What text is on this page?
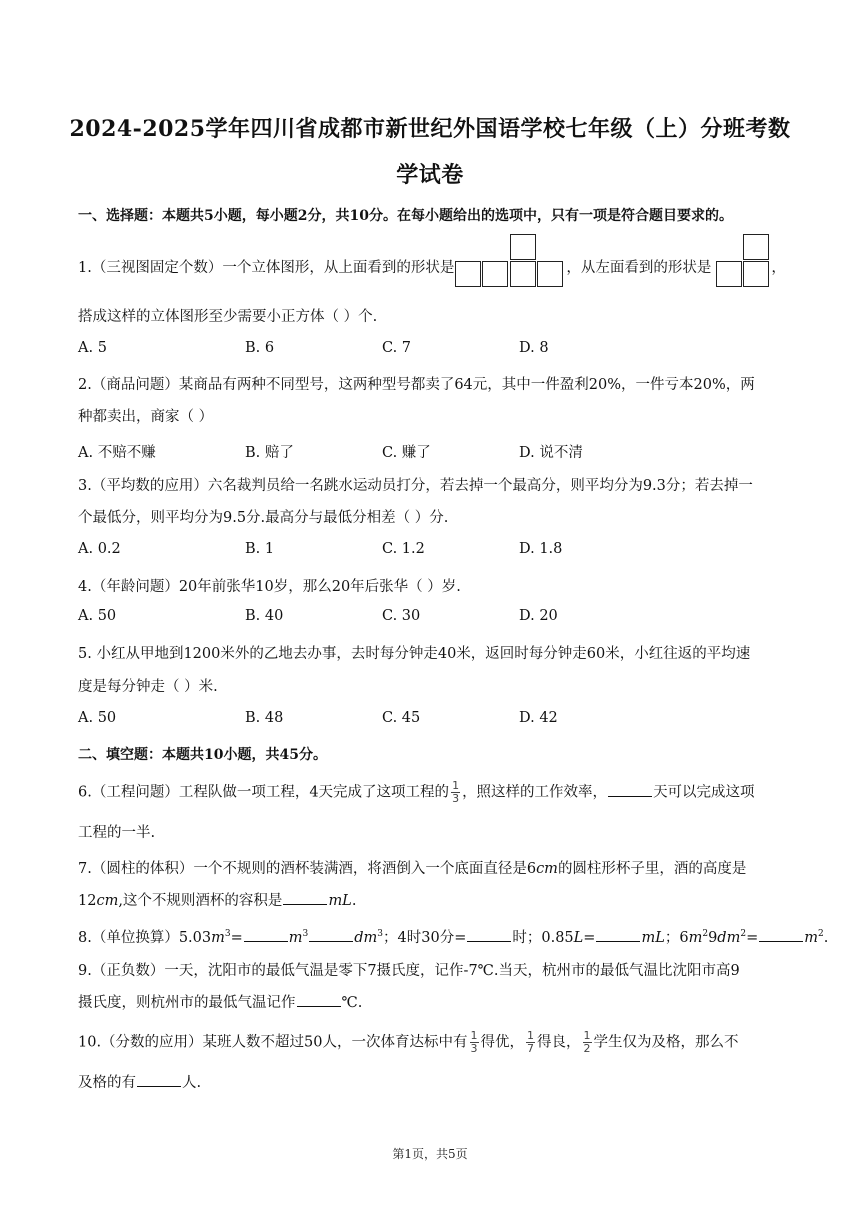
2024-2025学年四川省成都市新世纪外国语学校七年级（上）分班考数
学试卷
一、选择题：本题共5小题，每小题2分，共10分。在每小题给出的选项中，只有一项是符合题目要求的。
1.（三视图固定个数）一个立体图形，从上面看到的形状是	，从左面看到的形状是	，
搭成这样的立体图形至少需要小正方体（ ）个.
A. 5	B. 6	C. 7	D. 8
2.（商品问题）某商品有两种不同型号，这两种型号都卖了64元，其中一件盈利20%，一件亏本20%，两
种都卖出，商家（ ）
A. 不赔不赚	B. 赔了	C. 赚了	D. 说不清
3.（平均数的应用）六名裁判员给一名跳水运动员打分，若去掉一个最高分，则平均分为9.3分；若去掉一
个最低分，则平均分为9.5分.最高分与最低分相差（ ）分.
A. 0.2	B. 1	C. 1.2	D. 1.8
4.（年龄问题）20年前张华10岁，那么20年后张华（ ）岁.
A. 50	B. 40	C. 30	D. 20
5. 小红从甲地到1200米外的乙地去办事，去时每分钟走40米，返回时每分钟走60米，小红往返的平均速
度是每分钟走（ ）米.
A. 50	B. 48	C. 45	D. 42
二、填空题：本题共10小题，共45分。
6.（工程问题）工程队做一项工程，4天完成了这项工程的 $\frac{1}{3}$ ，照这样的工作效率，	天可以完成这项
工程的一半.
7.（圆柱的体积）一个不规则的酒杯装满酒，将酒倒入一个底面直径是6cm的圆柱形杯子里，酒的高度是
12cm,这个不规则酒杯的容积是	mL.
8.（单位换算）$5.03m^3=$	$m^3$	$dm^3$；4时30分=	时；0.85L=	mL；$6m^29dm^2=$	$m^2$.
9.（正负数）一天，沈阳市的最低气温是零下7摄氏度，记作-7℃.当天，杭州市的最低气温比沈阳市高9
摄氏度，则杭州市的最低气温记作	℃.
10.（分数的应用）某班人数不超过50人，一次体育达标中有 $\frac{1}{3}$ 得优， $\frac{1}{7}$ 得良， $\frac{1}{2}$ 学生仅为及格，那么不
及格的有	人.
第1页，共5页
